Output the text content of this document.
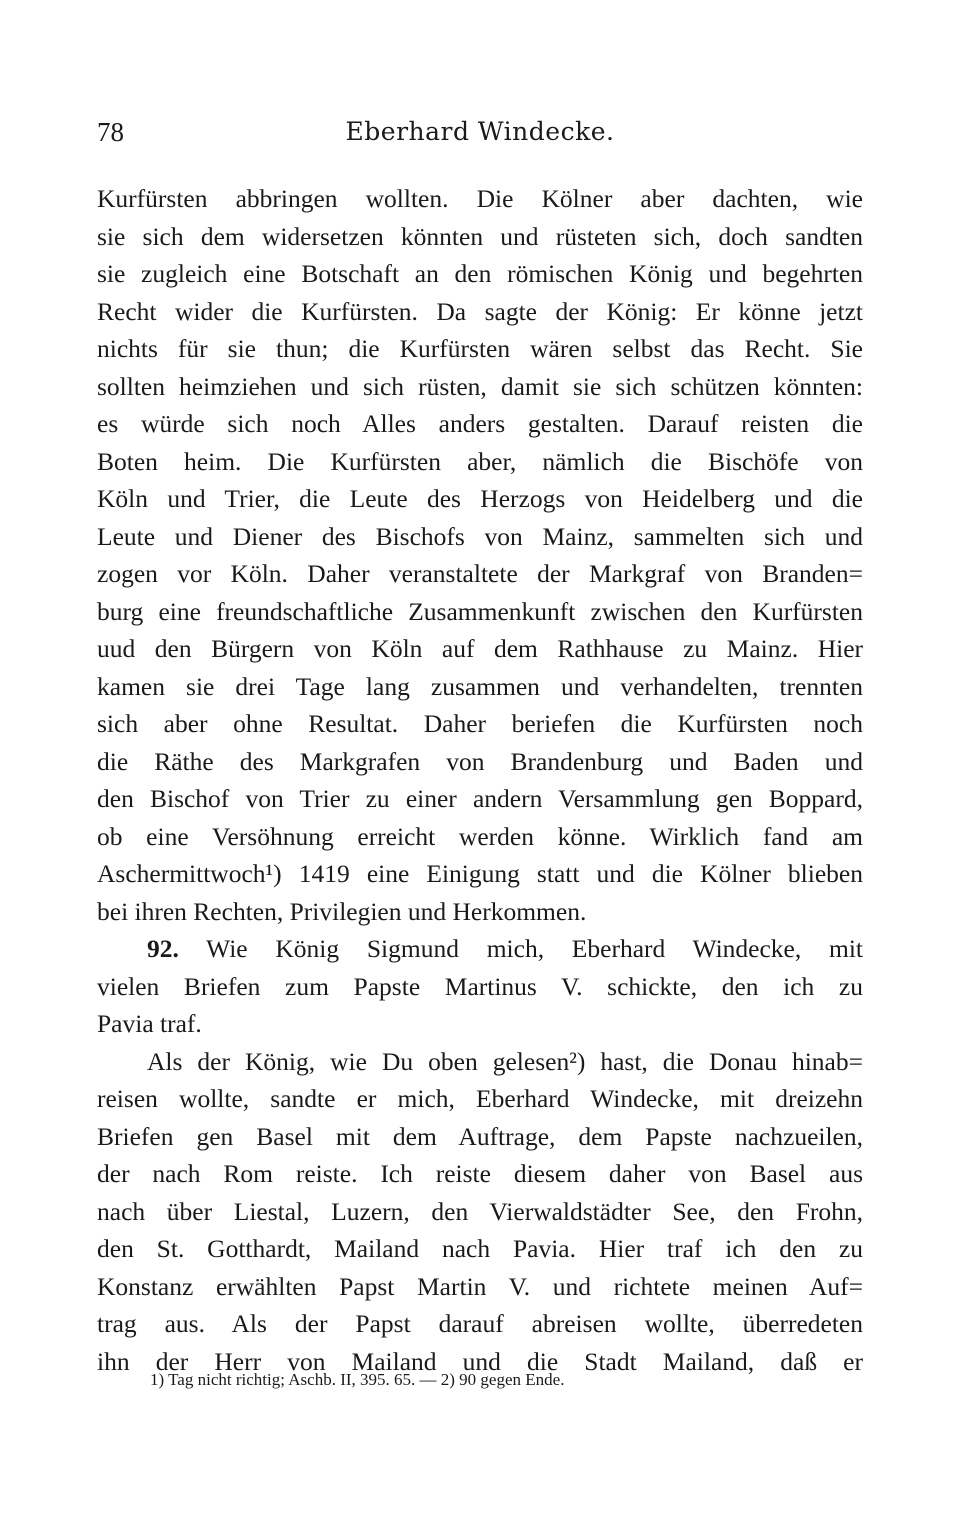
78	Eberhard Windecke.
Kurfürsten abbringen wollten. Die Kölner aber dachten, wie
sie sich dem widersetzen könnten und rüsteten sich, doch sandten
sie zugleich eine Botschaft an den römischen König und begehrten
Recht wider die Kurfürsten. Da sagte der König: Er könne jetzt
nichts für sie thun; die Kurfürsten wären selbst das Recht. Sie
sollten heimziehen und sich rüsten, damit sie sich schützen könnten:
es würde sich noch Alles anders gestalten. Darauf reisten die
Boten heim. Die Kurfürsten aber, nämlich die Bischöfe von
Köln und Trier, die Leute des Herzogs von Heidelberg und die
Leute und Diener des Bischofs von Mainz, sammelten sich und
zogen vor Köln. Daher veranstaltete der Markgraf von Branden=
burg eine freundschaftliche Zusammenkunft zwischen den Kurfürsten
uud den Bürgern von Köln auf dem Rathhause zu Mainz. Hier
kamen sie drei Tage lang zusammen und verhandelten, trennten
sich aber ohne Resultat. Daher beriefen die Kurfürsten noch
die Räthe des Markgrafen von Brandenburg und Baden und
den Bischof von Trier zu einer andern Versammlung gen Boppard,
ob eine Versöhnung erreicht werden könne. Wirklich fand am
Aschermittwoch¹) 1419 eine Einigung statt und die Kölner blieben
bei ihren Rechten, Privilegien und Herkommen.
92. Wie König Sigmund mich, Eberhard Windecke, mit
vielen Briefen zum Papste Martinus V. schickte, den ich zu
Pavia traf.
Als der König, wie Du oben gelesen²) hast, die Donau hinab=
reisen wollte, sandte er mich, Eberhard Windecke, mit dreizehn
Briefen gen Basel mit dem Auftrage, dem Papste nachzueilen,
der nach Rom reiste. Ich reiste diesem daher von Basel aus
nach über Liestal, Luzern, den Vierwaldstädter See, den Frohn,
den St. Gotthardt, Mailand nach Pavia. Hier traf ich den zu
Konstanz erwählten Papst Martin V. und richtete meinen Auf=
trag aus. Als der Papst darauf abreisen wollte, überredeten
ihn der Herr von Mailand und die Stadt Mailand, daß er
1) Tag nicht richtig; Aschb. II, 395. 65. — 2) 90 gegen Ende.
